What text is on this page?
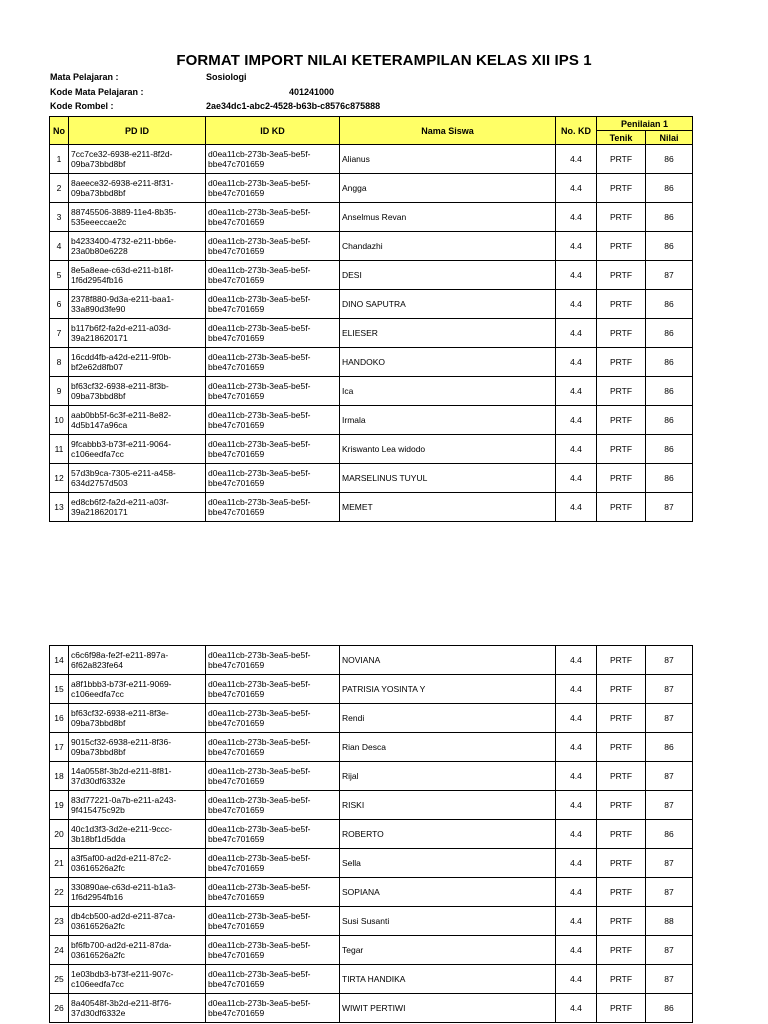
FORMAT IMPORT NILAI KETERAMPILAN KELAS XII IPS 1
Mata Pelajaran :	Sosiologi
Kode Mata Pelajaran :	401241000
Kode Rombel :	2ae34dc1-abc2-4528-b63b-c8576c875888
No	PD ID	ID KD	Nama Siswa	No. KD	Penilaian 1	
					Tenik	Nilai
1	7cc7ce32-6938-e211-8f2d-
09ba73bbd8bf	d0ea11cb-273b-3ea5-be5f-
bbe47c701659	Alianus	4.4	PRTF	86
2	8aeece32-6938-e211-8f31-
09ba73bbd8bf	d0ea11cb-273b-3ea5-be5f-
bbe47c701659	Angga	4.4	PRTF	86
3	88745506-3889-11e4-8b35-
535eeeccae2c	d0ea11cb-273b-3ea5-be5f-
bbe47c701659	Anselmus Revan	4.4	PRTF	86
4	b4233400-4732-e211-bb6e-
23a0b80e6228	d0ea11cb-273b-3ea5-be5f-
bbe47c701659	Chandazhi	4.4	PRTF	86
5	8e5a8eae-c63d-e211-b18f-
1f6d2954fb16	d0ea11cb-273b-3ea5-be5f-
bbe47c701659	DESI	4.4	PRTF	87
6	2378f880-9d3a-e211-baa1-
33a890d3fe90	d0ea11cb-273b-3ea5-be5f-
bbe47c701659	DINO SAPUTRA	4.4	PRTF	86
7	b117b6f2-fa2d-e211-a03d-
39a218620171	d0ea11cb-273b-3ea5-be5f-
bbe47c701659	ELIESER	4.4	PRTF	86
8	16cdd4fb-a42d-e211-9f0b-
bf2e62d8fb07	d0ea11cb-273b-3ea5-be5f-
bbe47c701659	HANDOKO	4.4	PRTF	86
9	bf63cf32-6938-e211-8f3b-
09ba73bbd8bf	d0ea11cb-273b-3ea5-be5f-
bbe47c701659	Ica	4.4	PRTF	86
10	aab0bb5f-6c3f-e211-8e82-
4d5b147a96ca	d0ea11cb-273b-3ea5-be5f-
bbe47c701659	Irmala	4.4	PRTF	86
11	9fcabbb3-b73f-e211-9064-
c106eedfa7cc	d0ea11cb-273b-3ea5-be5f-
bbe47c701659	Kriswanto Lea widodo	4.4	PRTF	86
12	57d3b9ca-7305-e211-a458-
634d2757d503	d0ea11cb-273b-3ea5-be5f-
bbe47c701659	MARSELINUS TUYUL	4.4	PRTF	86
13	ed8cb6f2-fa2d-e211-a03f-
39a218620171	d0ea11cb-273b-3ea5-be5f-
bbe47c701659	MEMET	4.4	PRTF	87
14	c6c6f98a-fe2f-e211-897a-
6f62a823fe64	d0ea11cb-273b-3ea5-be5f-
bbe47c701659	NOVIANA	4.4	PRTF	87
15	a8f1bbb3-b73f-e211-9069-
c106eedfa7cc	d0ea11cb-273b-3ea5-be5f-
bbe47c701659	PATRISIA YOSINTA Y	4.4	PRTF	87
16	bf63cf32-6938-e211-8f3e-
09ba73bbd8bf	d0ea11cb-273b-3ea5-be5f-
bbe47c701659	Rendi	4.4	PRTF	87
17	9015cf32-6938-e211-8f36-
09ba73bbd8bf	d0ea11cb-273b-3ea5-be5f-
bbe47c701659	Rian Desca	4.4	PRTF	86
18	14a0558f-3b2d-e211-8f81-
37d30df6332e	d0ea11cb-273b-3ea5-be5f-
bbe47c701659	Rijal	4.4	PRTF	87
19	83d77221-0a7b-e211-a243-
9f415475c92b	d0ea11cb-273b-3ea5-be5f-
bbe47c701659	RISKI	4.4	PRTF	87
20	40c1d3f3-3d2e-e211-9ccc-
3b18bf1d5dda	d0ea11cb-273b-3ea5-be5f-
bbe47c701659	ROBERTO	4.4	PRTF	86
21	a3f5af00-ad2d-e211-87c2-
03616526a2fc	d0ea11cb-273b-3ea5-be5f-
bbe47c701659	Sella	4.4	PRTF	87
22	330890ae-c63d-e211-b1a3-
1f6d2954fb16	d0ea11cb-273b-3ea5-be5f-
bbe47c701659	SOPIANA	4.4	PRTF	87
23	db4cb500-ad2d-e211-87ca-
03616526a2fc	d0ea11cb-273b-3ea5-be5f-
bbe47c701659	Susi Susanti	4.4	PRTF	88
24	bf6fb700-ad2d-e211-87da-
03616526a2fc	d0ea11cb-273b-3ea5-be5f-
bbe47c701659	Tegar	4.4	PRTF	87
25	1e03bdb3-b73f-e211-907c-
c106eedfa7cc	d0ea11cb-273b-3ea5-be5f-
bbe47c701659	TIRTA HANDIKA	4.4	PRTF	87
26	8a40548f-3b2d-e211-8f76-
37d30df6332e	d0ea11cb-273b-3ea5-be5f-
bbe47c701659	WIWIT PERTIWI	4.4	PRTF	86
